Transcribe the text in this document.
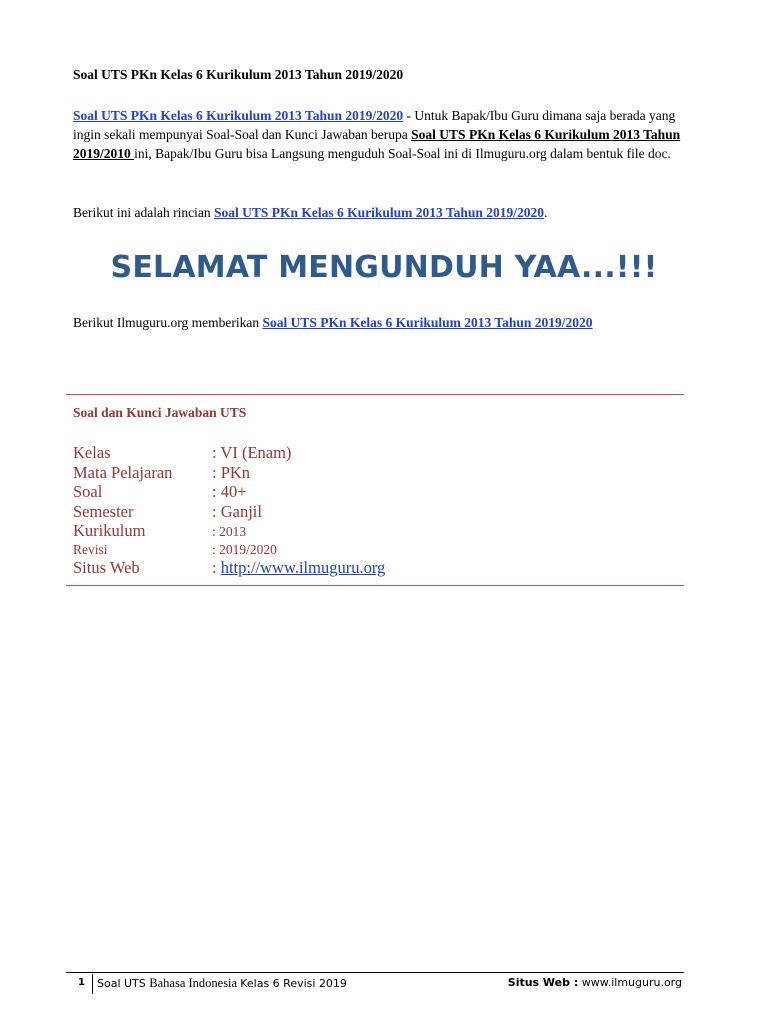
Soal UTS PKn Kelas 6 Kurikulum 2013 Tahun 2019/2020
Soal UTS PKn Kelas 6 Kurikulum 2013 Tahun 2019/2020 - Untuk Bapak/Ibu Guru dimana saja berada yang ingin sekali mempunyai Soal-Soal dan Kunci Jawaban berupa Soal UTS PKn Kelas 6 Kurikulum 2013 Tahun 2019/2010 ini, Bapak/Ibu Guru bisa Langsung menguduh Soal-Soal ini di Ilmuguru.org dalam bentuk file doc.
Berikut ini adalah rincian Soal UTS PKn Kelas 6 Kurikulum 2013 Tahun 2019/2020.
SELAMAT MENGUNDUH YAA...!!!
Berikut Ilmuguru.org memberikan Soal UTS PKn Kelas 6 Kurikulum 2013 Tahun 2019/2020
Soal dan Kunci Jawaban UTS
Kelas	: VI (Enam)
Mata Pelajaran : PKn
Soal	: 40+
Semester	: Ganjil
Kurikulum	: 2013
Revisi	: 2019/2020
Situs Web	: http://www.ilmuguru.org
1 Soal UTS Bahasa Indonesia Kelas 6 Revisi 2019	Situs Web : www.ilmuguru.org
